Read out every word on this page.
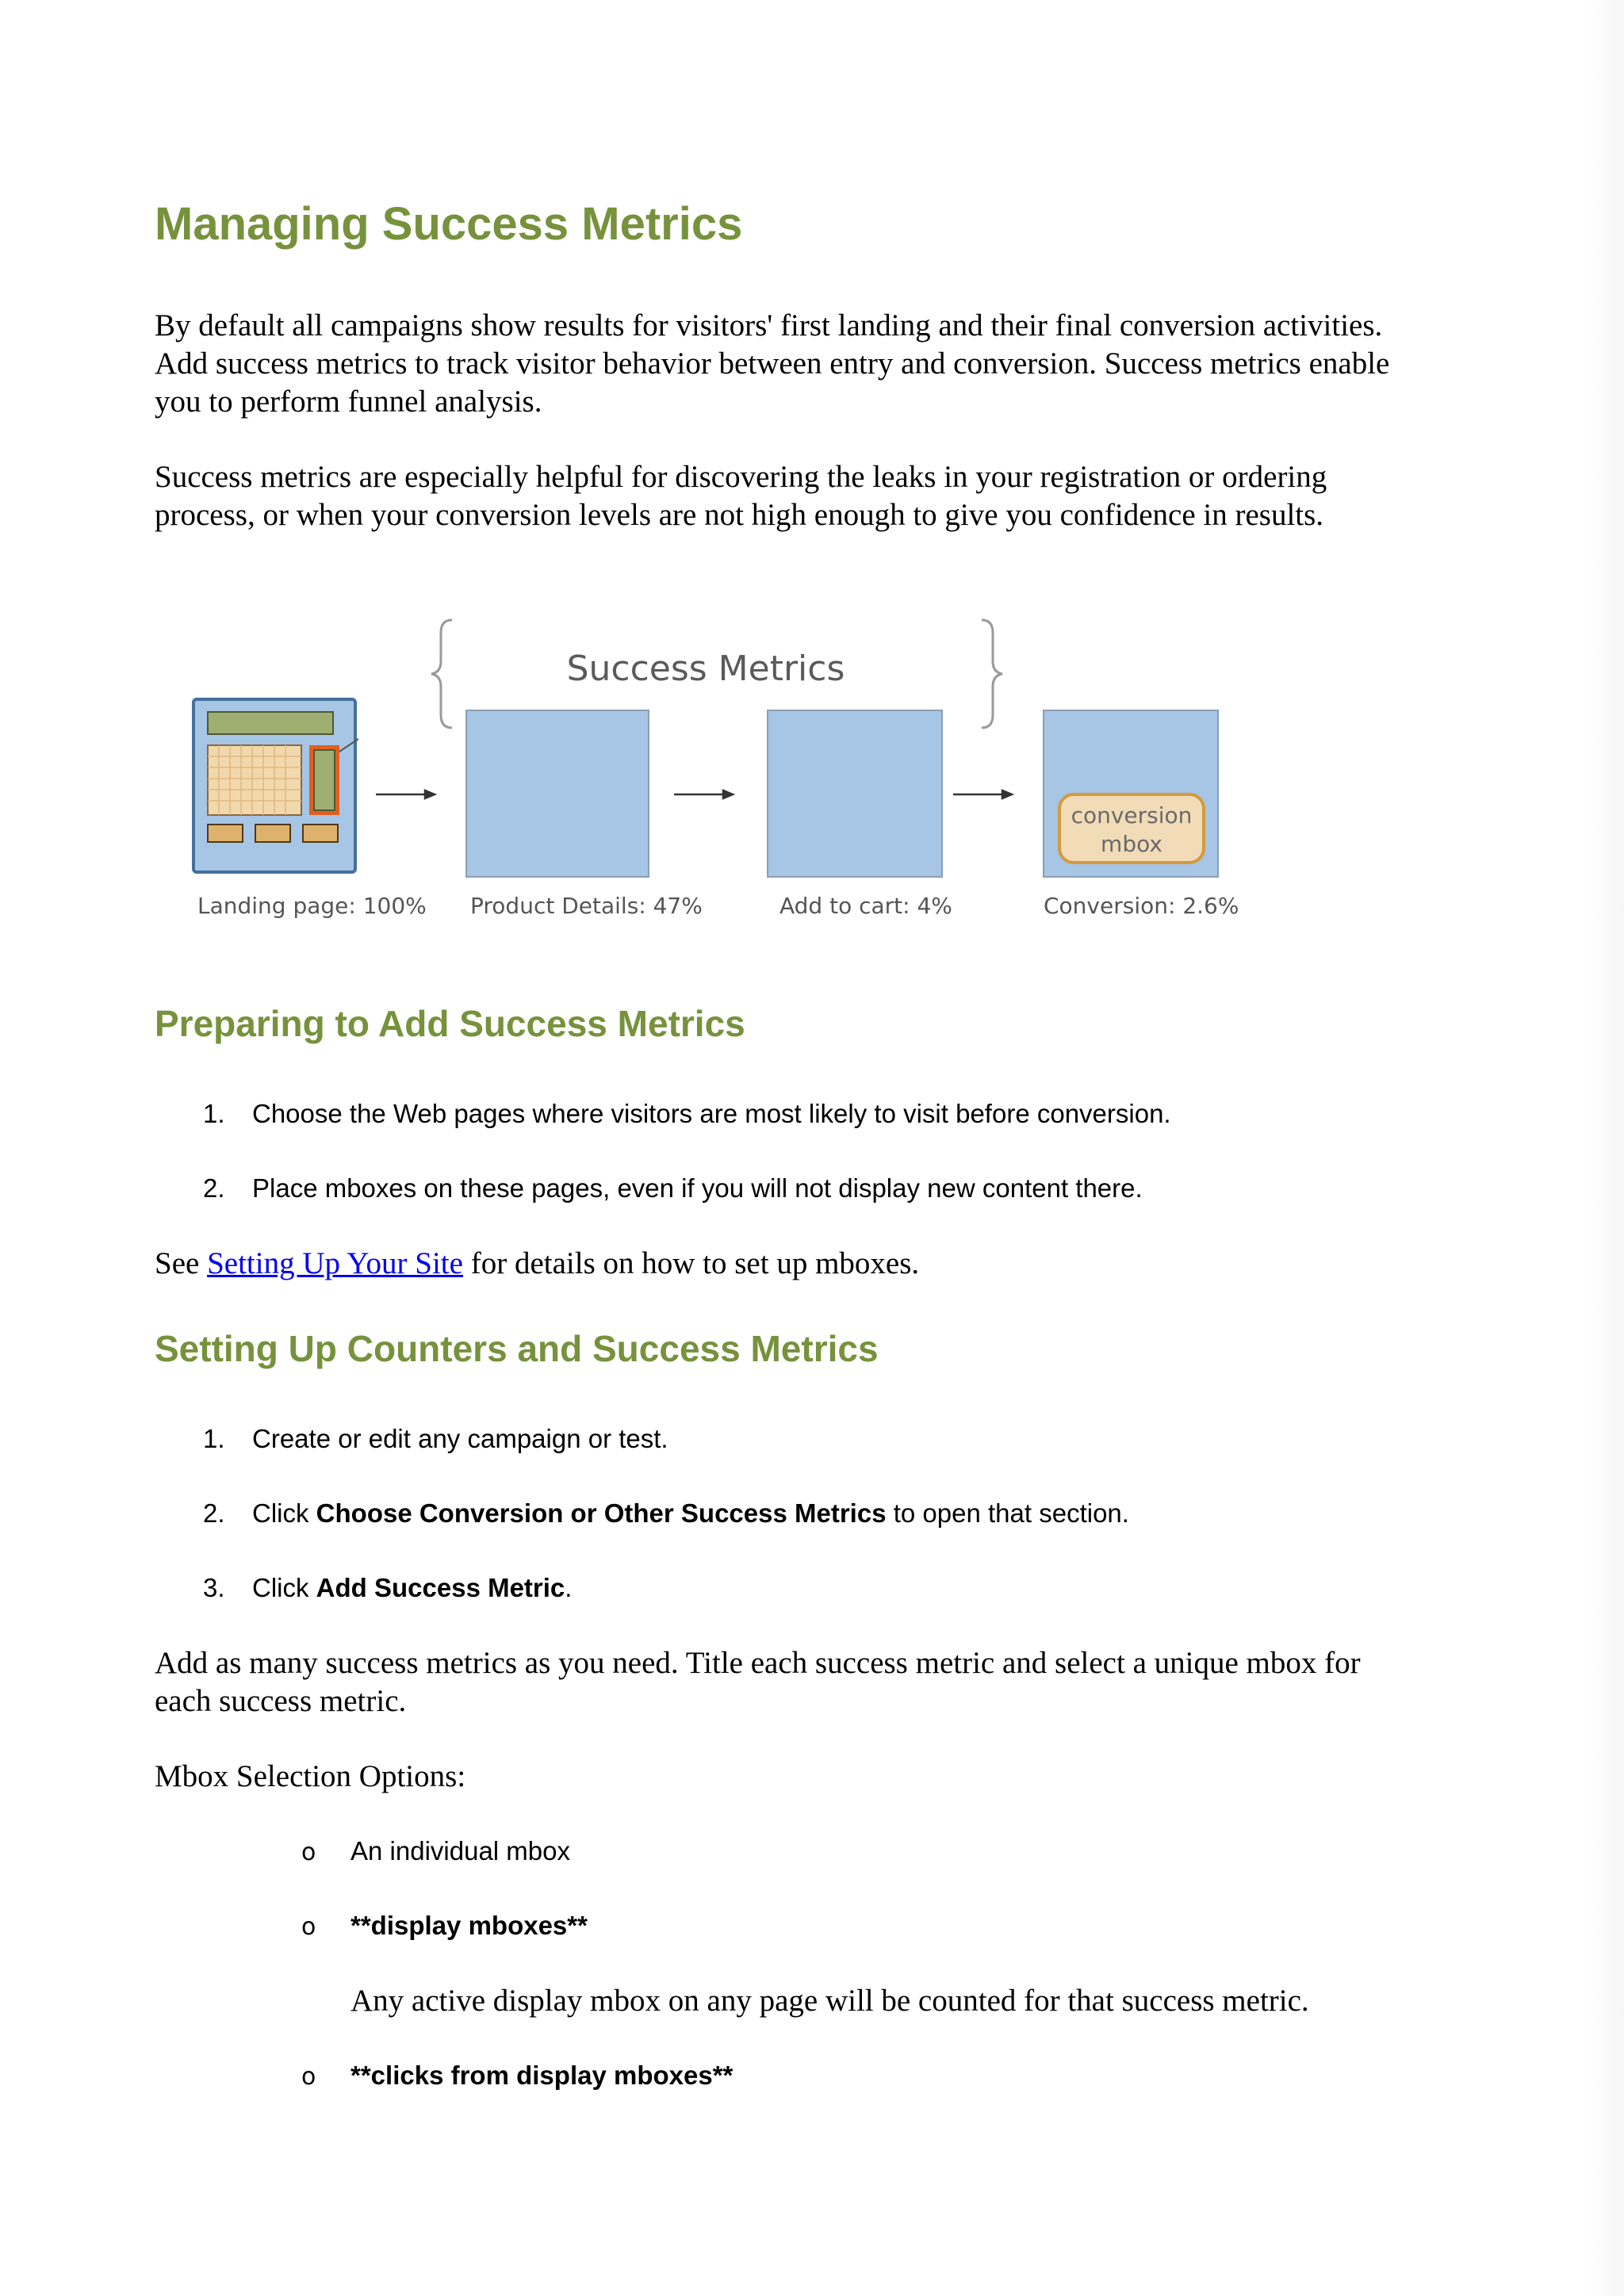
Managing Success Metrics
By default all campaigns show results for visitors' first landing and their final conversion activities.
Add success metrics to track visitor behavior between entry and conversion. Success metrics enable
you to perform funnel analysis.
Success metrics are especially helpful for discovering the leaks in your registration or ordering
process, or when your conversion levels are not high enough to give you confidence in results.
Success Metrics
conversion
mbox
Landing page: 100% Product Details: 47%	Add to cart: 4%	Conversion: 2.6%
Preparing to Add Success Metrics
1. Choose the Web pages where visitors are most likely to visit before conversion.
2. Place mboxes on these pages, even if you will not display new content there.
See Setting Up Your Site for details on how to set up mboxes.
Setting Up Counters and Success Metrics
1. Create or edit any campaign or test.
2. Click Choose Conversion or Other Success Metrics to open that section.
3. Click Add Success Metric.
Add as many success metrics as you need. Title each success metric and select a unique mbox for
each success metric.
Mbox Selection Options:
o An individual mbox
o **display mboxes**
Any active display mbox on any page will be counted for that success metric.
o **clicks from display mboxes**
